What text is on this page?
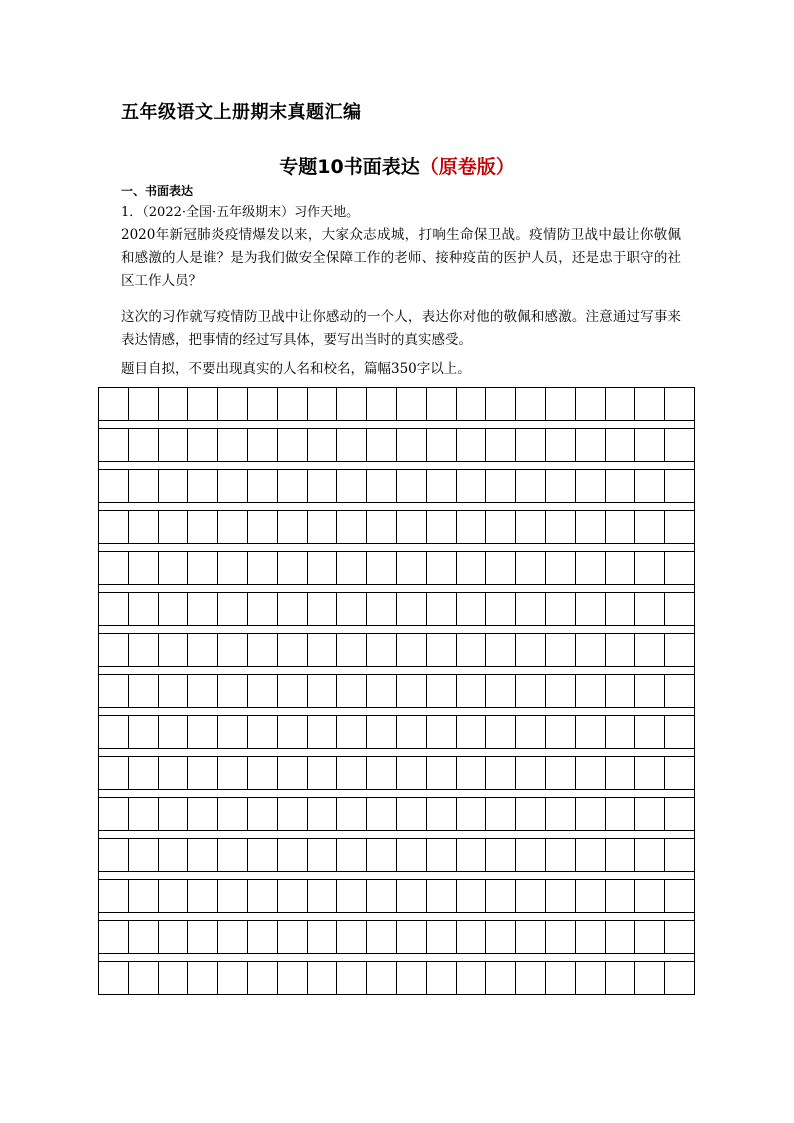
五年级语文上册期末真题汇编
专题10书面表达（原卷版）
一、书面表达
1．（2022·全国·五年级期末）习作天地。
2020年新冠肺炎疫情爆发以来，大家众志成城，打响生命保卫战。疫情防卫战中最让你敬佩和感激的人是谁？是为我们做安全保障工作的老师、接种疫苗的医护人员，还是忠于职守的社区工作人员？
这次的习作就写疫情防卫战中让你感动的一个人，表达你对他的敬佩和感激。注意通过写事来表达情感，把事情的经过写具体，要写出当时的真实感受。
题目自拟，不要出现真实的人名和校名，篇幅350字以上。
